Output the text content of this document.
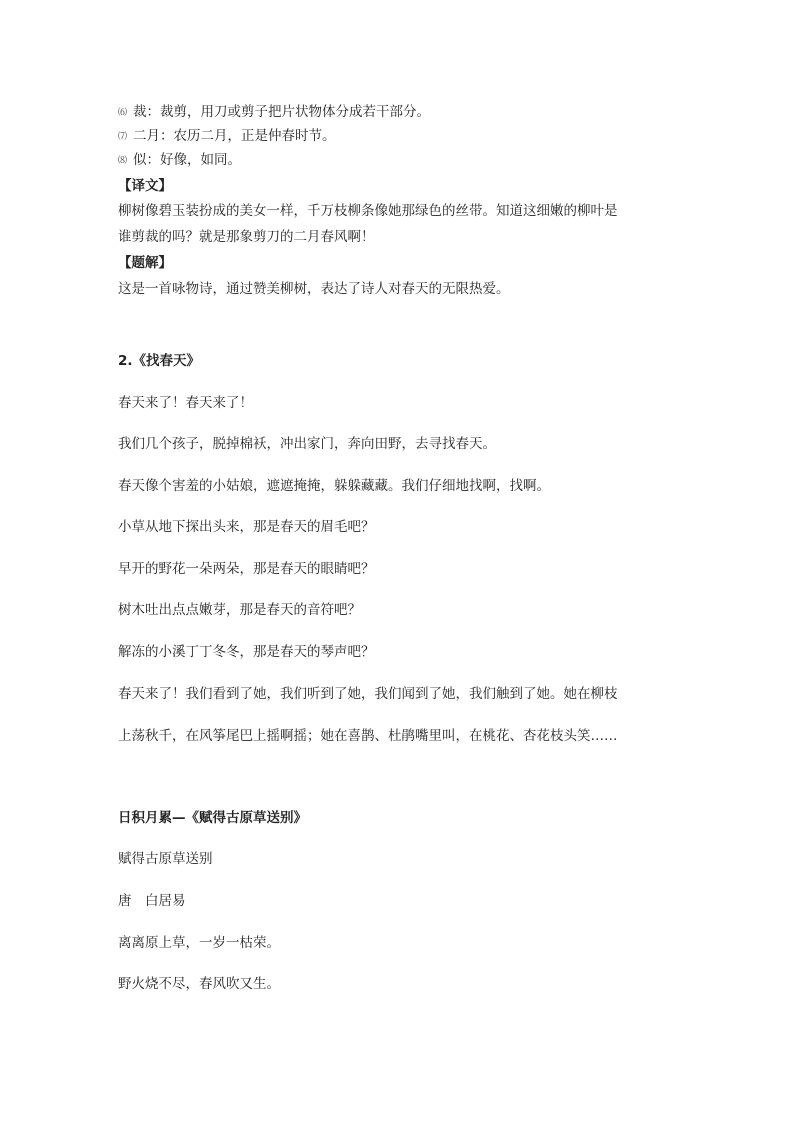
⑹ 裁：裁剪，用刀或剪子把片状物体分成若干部分。
⑺ 二月：农历二月，正是仲春时节。
⑻ 似：好像，如同。
【译文】
柳树像碧玉装扮成的美女一样，千万枝柳条像她那绿色的丝带。知道这细嫩的柳叶是
谁剪裁的吗？就是那象剪刀的二月春风啊！
【题解】
这是一首咏物诗，通过赞美柳树，表达了诗人对春天的无限热爱。
2.《找春天》
春天来了！春天来了！
我们几个孩子，脱掉棉袄，冲出家门，奔向田野，去寻找春天。
春天像个害羞的小姑娘，遮遮掩掩，躲躲藏藏。我们仔细地找啊，找啊。
小草从地下探出头来，那是春天的眉毛吧？
早开的野花一朵两朵，那是春天的眼睛吧？
树木吐出点点嫩芽，那是春天的音符吧？
解冻的小溪丁丁冬冬，那是春天的琴声吧？
春天来了！我们看到了她，我们听到了她，我们闻到了她，我们触到了她。她在柳枝
上荡秋千，在风筝尾巴上摇啊摇；她在喜鹊、杜鹃嘴里叫，在桃花、杏花枝头笑……
日积月累—《赋得古原草送别》
赋得古原草送别
唐　白居易
离离原上草，一岁一枯荣。
野火烧不尽，春风吹又生。
